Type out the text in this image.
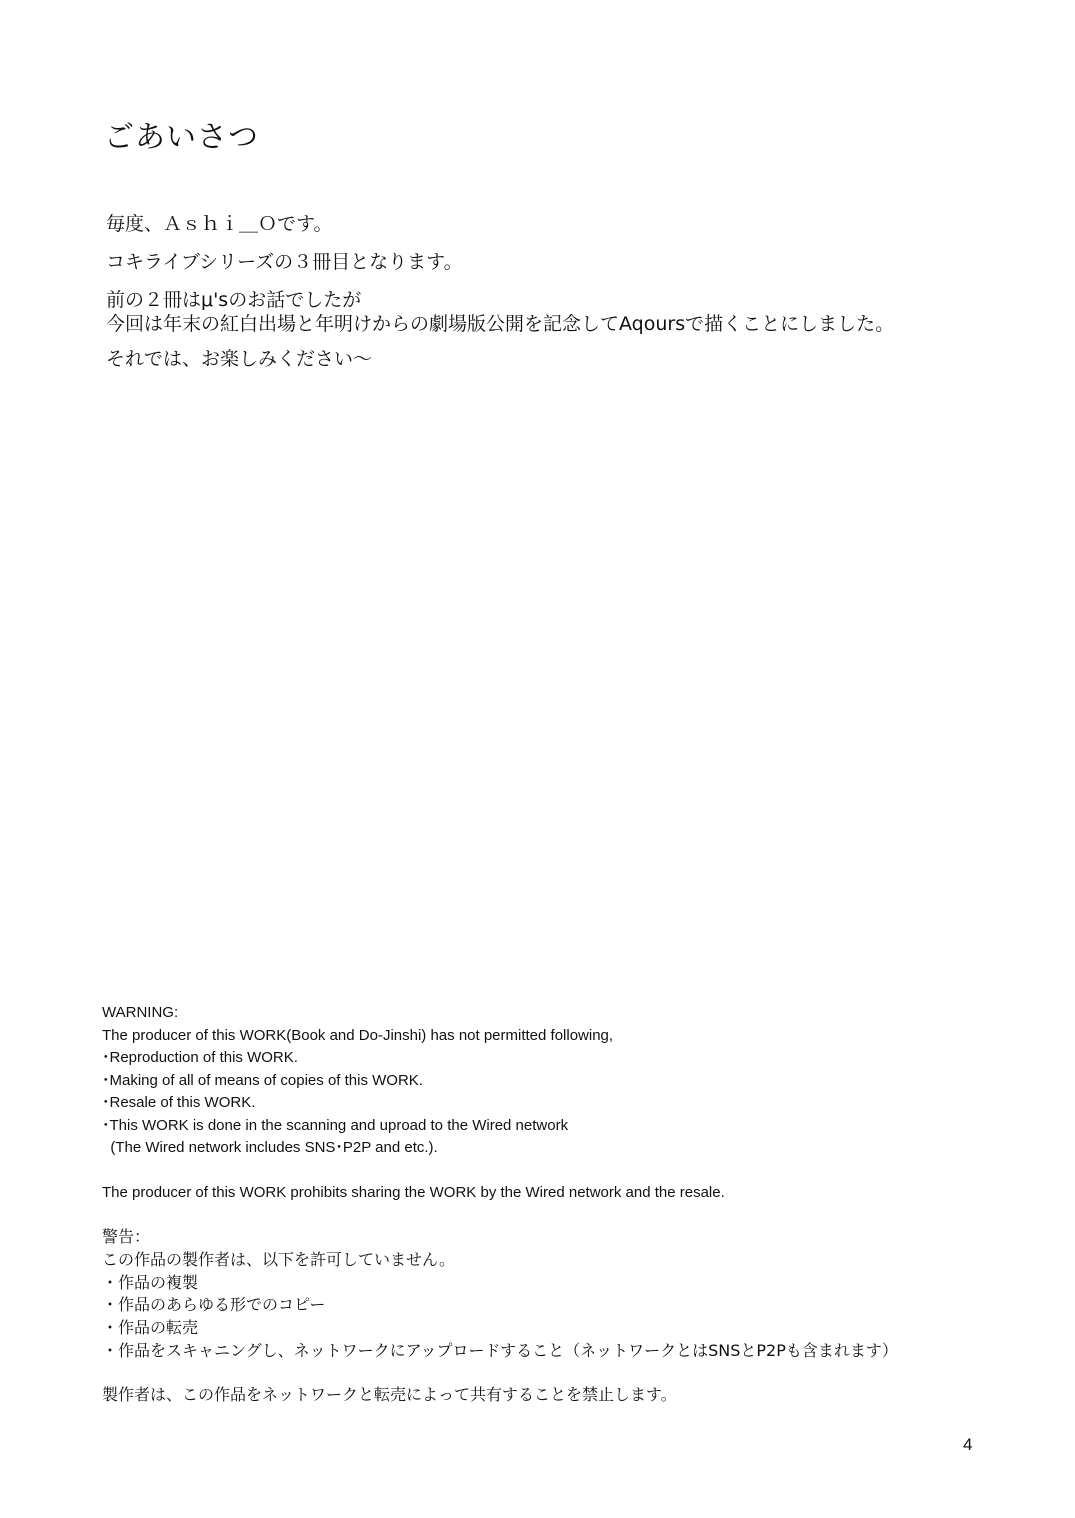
ごあいさつ

毎度、Ａｓｈｉ＿Ｏです。

コキライブシリーズの３冊目となります。

前の２冊はμ'sのお話でしたが

今回は年末の紅白出場と年明けからの劇場版公開を記念してAqoursで描くことにしました。

それでは、お楽しみください～

WARNING:

The producer of this WORK(Book and Do-Jinshi) has not permitted following,

･Reproduction of this WORK.

･Making of all of means of copies of this WORK.

･Resale of this WORK.

･This WORK is done in the scanning and uproad to the Wired network

(The Wired network includes SNS･P2P and etc.).

The producer of this WORK prohibits sharing the WORK by the Wired network and the resale.

警告：

この作品の製作者は、以下を許可していません。

・作品の複製

・作品のあらゆる形でのコピー

・作品の転売

・作品をスキャニングし、ネットワークにアップロードすること（ネットワークとはSNSとP2Pも含まれます）

製作者は、この作品をネットワークと転売によって共有することを禁止します。

4
